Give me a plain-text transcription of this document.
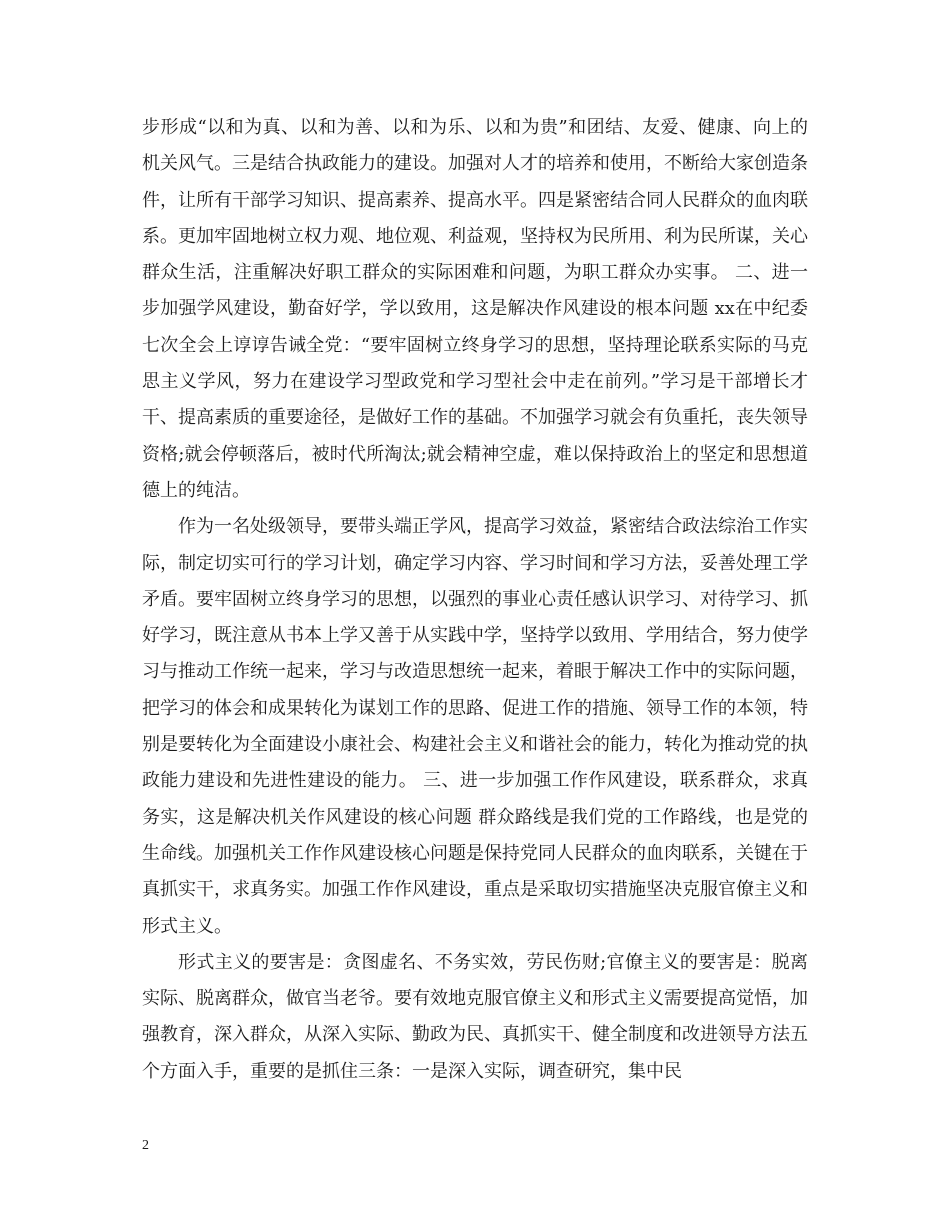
步形成“以和为真、以和为善、以和为乐、以和为贵”和团结、友爱、健康、向上的机关风气。三是结合执政能力的建设。加强对人才的培养和使用，不断给大家创造条件，让所有干部学习知识、提高素养、提高水平。四是紧密结合同人民群众的血肉联系。更加牢固地树立权力观、地位观、利益观，坚持权为民所用、利为民所谋，关心群众生活，注重解决好职工群众的实际困难和问题，为职工群众办实事。 二、进一步加强学风建设，勤奋好学，学以致用，这是解决作风建设的根本问题 xx在中纪委七次全会上谆谆告诫全党：“要牢固树立终身学习的思想，坚持理论联系实际的马克思主义学风，努力在建设学习型政党和学习型社会中走在前列。”学习是干部增长才干、提高素质的重要途径，是做好工作的基础。不加强学习就会有负重托，丧失领导资格;就会停顿落后，被时代所淘汰;就会精神空虚，难以保持政治上的坚定和思想道德上的纯洁。

作为一名处级领导，要带头端正学风，提高学习效益，紧密结合政法综治工作实际，制定切实可行的学习计划，确定学习内容、学习时间和学习方法，妥善处理工学矛盾。要牢固树立终身学习的思想，以强烈的事业心责任感认识学习、对待学习、抓好学习，既注意从书本上学又善于从实践中学，坚持学以致用、学用结合，努力使学习与推动工作统一起来，学习与改造思想统一起来，着眼于解决工作中的实际问题，把学习的体会和成果转化为谋划工作的思路、促进工作的措施、领导工作的本领，特别是要转化为全面建设小康社会、构建社会主义和谐社会的能力，转化为推动党的执政能力建设和先进性建设的能力。 三、进一步加强工作作风建设，联系群众，求真务实，这是解决机关作风建设的核心问题 群众路线是我们党的工作路线，也是党的生命线。加强机关工作作风建设核心问题是保持党同人民群众的血肉联系，关键在于真抓实干，求真务实。加强工作作风建设，重点是采取切实措施坚决克服官僚主义和形式主义。

形式主义的要害是：贪图虚名、不务实效，劳民伤财;官僚主义的要害是：脱离实际、脱离群众，做官当老爷。要有效地克服官僚主义和形式主义需要提高觉悟，加强教育，深入群众，从深入实际、勤政为民、真抓实干、健全制度和改进领导方法五个方面入手，重要的是抓住三条：一是深入实际，调查研究，集中民

2
